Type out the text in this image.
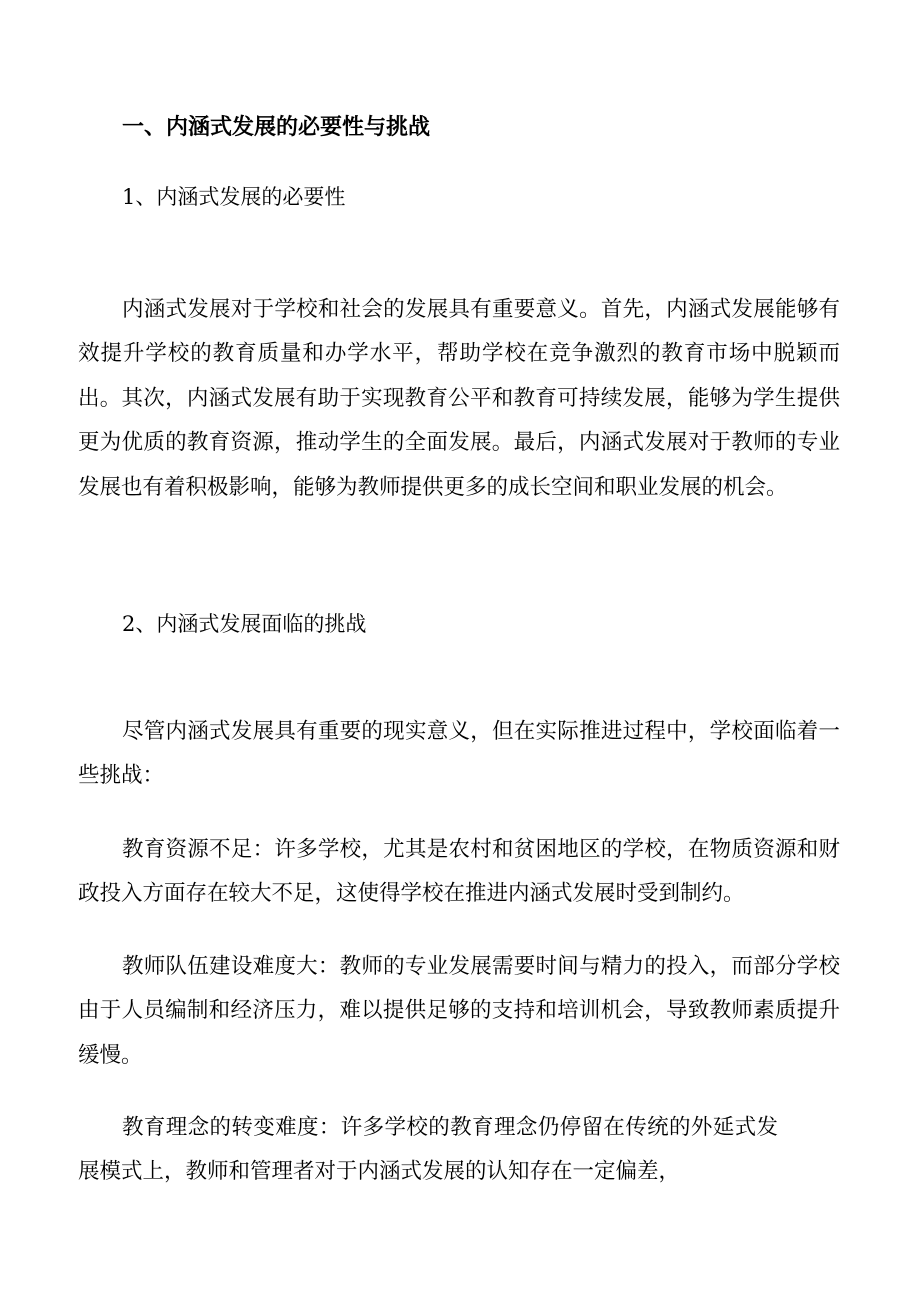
一、内涵式发展的必要性与挑战
1、内涵式发展的必要性

内涵式发展对于学校和社会的发展具有重要意义。首先，内涵式发展能够有效提升学校的教育质量和办学水平，帮助学校在竞争激烈的教育市场中脱颖而出。其次，内涵式发展有助于实现教育公平和教育可持续发展，能够为学生提供更为优质的教育资源，推动学生的全面发展。最后，内涵式发展对于教师的专业发展也有着积极影响，能够为教师提供更多的成长空间和职业发展的机会。

2、内涵式发展面临的挑战

尽管内涵式发展具有重要的现实意义，但在实际推进过程中，学校面临着一些挑战：

教育资源不足：许多学校，尤其是农村和贫困地区的学校，在物质资源和财政投入方面存在较大不足，这使得学校在推进内涵式发展时受到制约。

教师队伍建设难度大：教师的专业发展需要时间与精力的投入，而部分学校由于人员编制和经济压力，难以提供足够的支持和培训机会，导致教师素质提升缓慢。

教育理念的转变难度：许多学校的教育理念仍停留在传统的外延式发展模式上，教师和管理者对于内涵式发展的认知存在一定偏差，
